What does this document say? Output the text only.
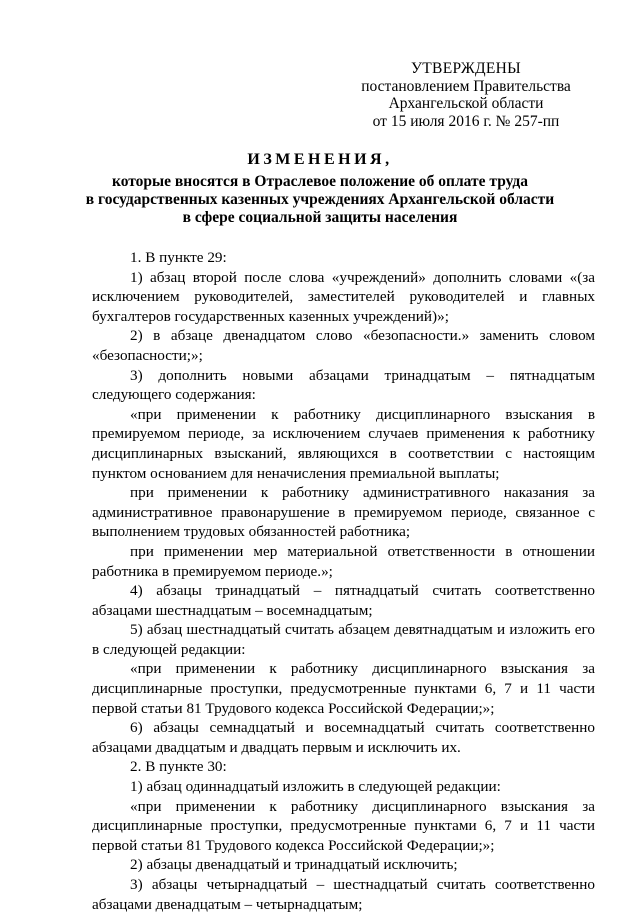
УТВЕРЖДЕНЫ
постановлением Правительства
Архангельской области
от 15 июля 2016 г. № 257-пп
ИЗМЕНЕНИЯ,
которые вносятся в Отраслевое положение об оплате труда
в государственных казенных учреждениях Архангельской области
в сфере социальной защиты населения

1. В пункте 29:

1) абзац второй после слова «учреждений» дополнить словами «(за исключением руководителей, заместителей руководителей и главных бухгалтеров государственных казенных учреждений)»;

2) в абзаце двенадцатом слово «безопасности.» заменить словом «безопасности;»;

3) дополнить новыми абзацами тринадцатым – пятнадцатым следующего содержания:

«при применении к работнику дисциплинарного взыскания в премируемом периоде, за исключением случаев применения к работнику дисциплинарных взысканий, являющихся в соответствии с настоящим пунктом основанием для неначисления премиальной выплаты;

при применении к работнику административного наказания за административное правонарушение в премируемом периоде, связанное с выполнением трудовых обязанностей работника;

при применении мер материальной ответственности в отношении работника в премируемом периоде.»;

4) абзацы тринадцатый – пятнадцатый считать соответственно абзацами шестнадцатым – восемнадцатым;

5) абзац шестнадцатый считать абзацем девятнадцатым и изложить его в следующей редакции:

«при применении к работнику дисциплинарного взыскания за дисциплинарные проступки, предусмотренные пунктами 6, 7 и 11 части первой статьи 81 Трудового кодекса Российской Федерации;»;

6) абзацы семнадцатый и восемнадцатый считать соответственно абзацами двадцатым и двадцать первым и исключить их.

2. В пункте 30:

1) абзац одиннадцатый изложить в следующей редакции:

«при применении к работнику дисциплинарного взыскания за дисциплинарные проступки, предусмотренные пунктами 6, 7 и 11 части первой статьи 81 Трудового кодекса Российской Федерации;»;

2) абзацы двенадцатый и тринадцатый исключить;

3) абзацы четырнадцатый – шестнадцатый считать соответственно абзацами двенадцатым – четырнадцатым;
